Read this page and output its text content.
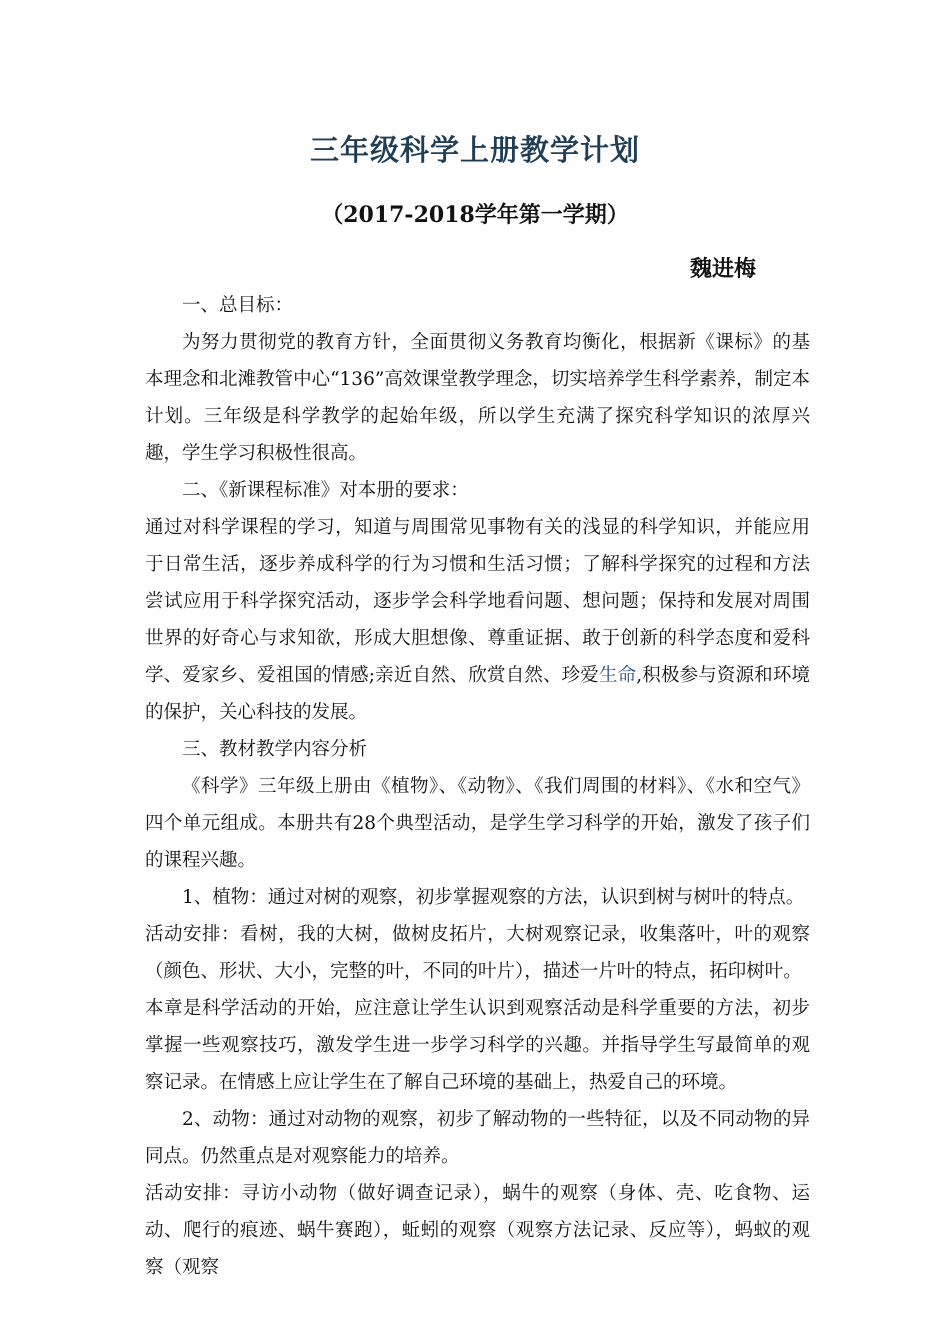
三年级科学上册教学计划
（2017-2018学年第一学期）
魏进梅

一、总目标：

为努力贯彻党的教育方针，全面贯彻义务教育均衡化，根据新《课标》的基本理念和北滩教管中心“136”高效课堂教学理念，切实培养学生科学素养，制定本计划。三年级是科学教学的起始年级，所以学生充满了探究科学知识的浓厚兴趣，学生学习积极性很高。

二、《新课程标准》对本册的要求：

通过对科学课程的学习，知道与周围常见事物有关的浅显的科学知识，并能应用于日常生活，逐步养成科学的行为习惯和生活习惯；了解科学探究的过程和方法尝试应用于科学探究活动，逐步学会科学地看问题、想问题；保持和发展对周围世界的好奇心与求知欲，形成大胆想像、尊重证据、敢于创新的科学态度和爱科学、爱家乡、爱祖国的情感;亲近自然、欣赏自然、珍爱生命,积极参与资源和环境的保护，关心科技的发展。

三、教材教学内容分析

《科学》三年级上册由《植物》、《动物》、《我们周围的材料》、《水和空气》四个单元组成。本册共有28个典型活动，是学生学习科学的开始，激发了孩子们的课程兴趣。

1、植物：通过对树的观察，初步掌握观察的方法，认识到树与树叶的特点。

活动安排：看树，我的大树，做树皮拓片，大树观察记录，收集落叶，叶的观察（颜色、形状、大小，完整的叶，不同的叶片），描述一片叶的特点，拓印树叶。

本章是科学活动的开始，应注意让学生认识到观察活动是科学重要的方法，初步掌握一些观察技巧，激发学生进一步学习科学的兴趣。并指导学生写最简单的观察记录。在情感上应让学生在了解自己环境的基础上，热爱自己的环境。

2、动物：通过对动物的观察，初步了解动物的一些特征，以及不同动物的异同点。仍然重点是对观察能力的培养。

活动安排：寻访小动物（做好调查记录），蜗牛的观察（身体、壳、吃食物、运动、爬行的痕迹、蜗牛赛跑），蚯蚓的观察（观察方法记录、反应等），蚂蚁的观察（观察
